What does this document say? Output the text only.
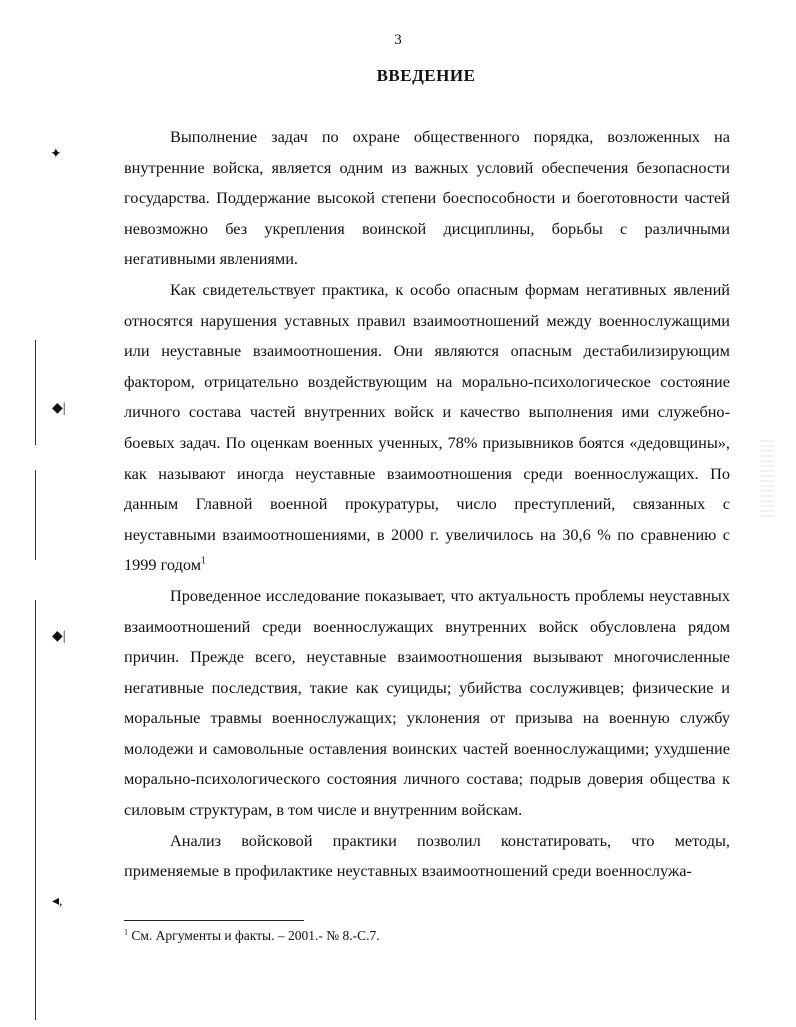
✦
◆|
◆|
◂,
3
ВВЕДЕНИЕ

Выполнение задач по охране общественного порядка, возложенных на внутренние войска, является одним из важных условий обеспечения безопасности государства. Поддержание высокой степени боеспособности и боеготовности частей невозможно без укрепления воинской дисциплины, борьбы с различными негативными явлениями.

Как свидетельствует практика, к особо опасным формам негативных явлений относятся нарушения уставных правил взаимоотношений между военнослужащими или неуставные взаимоотношения. Они являются опасным дестабилизирующим фактором, отрицательно воздействующим на морально-психологическое состояние личного состава частей внутренних войск и качество выполнения ими служебно-боевых задач. По оценкам военных ученных, 78% призывников боятся «дедовщины», как называют иногда неуставные взаимоотношения среди военнослужащих. По данным Главной военной прокуратуры, число преступлений, связанных с неуставными взаимоотношениями, в 2000 г. увеличилось на 30,6 % по сравнению с 1999 годом$^1$

Проведенное исследование показывает, что актуальность проблемы неуставных взаимоотношений среди военнослужащих внутренних войск обусловлена рядом причин. Прежде всего, неуставные взаимоотношения вызывают многочисленные негативные последствия, такие как суициды; убийства сослуживцев; физические и моральные травмы военнослужащих; уклонения от призыва на военную службу молодежи и самовольные оставления воинских частей военнослужащими; ухудшение морально-психологического состояния личного состава; подрыв доверия общества к силовым структурам, в том числе и внутренним войскам.

Анализ войсковой практики позволил констатировать, что методы, применяемые в профилактике неуставных взаимоотношений среди военнослужа-

$^1$ См. Аргументы и факты. – 2001.- № 8.-С.7.
